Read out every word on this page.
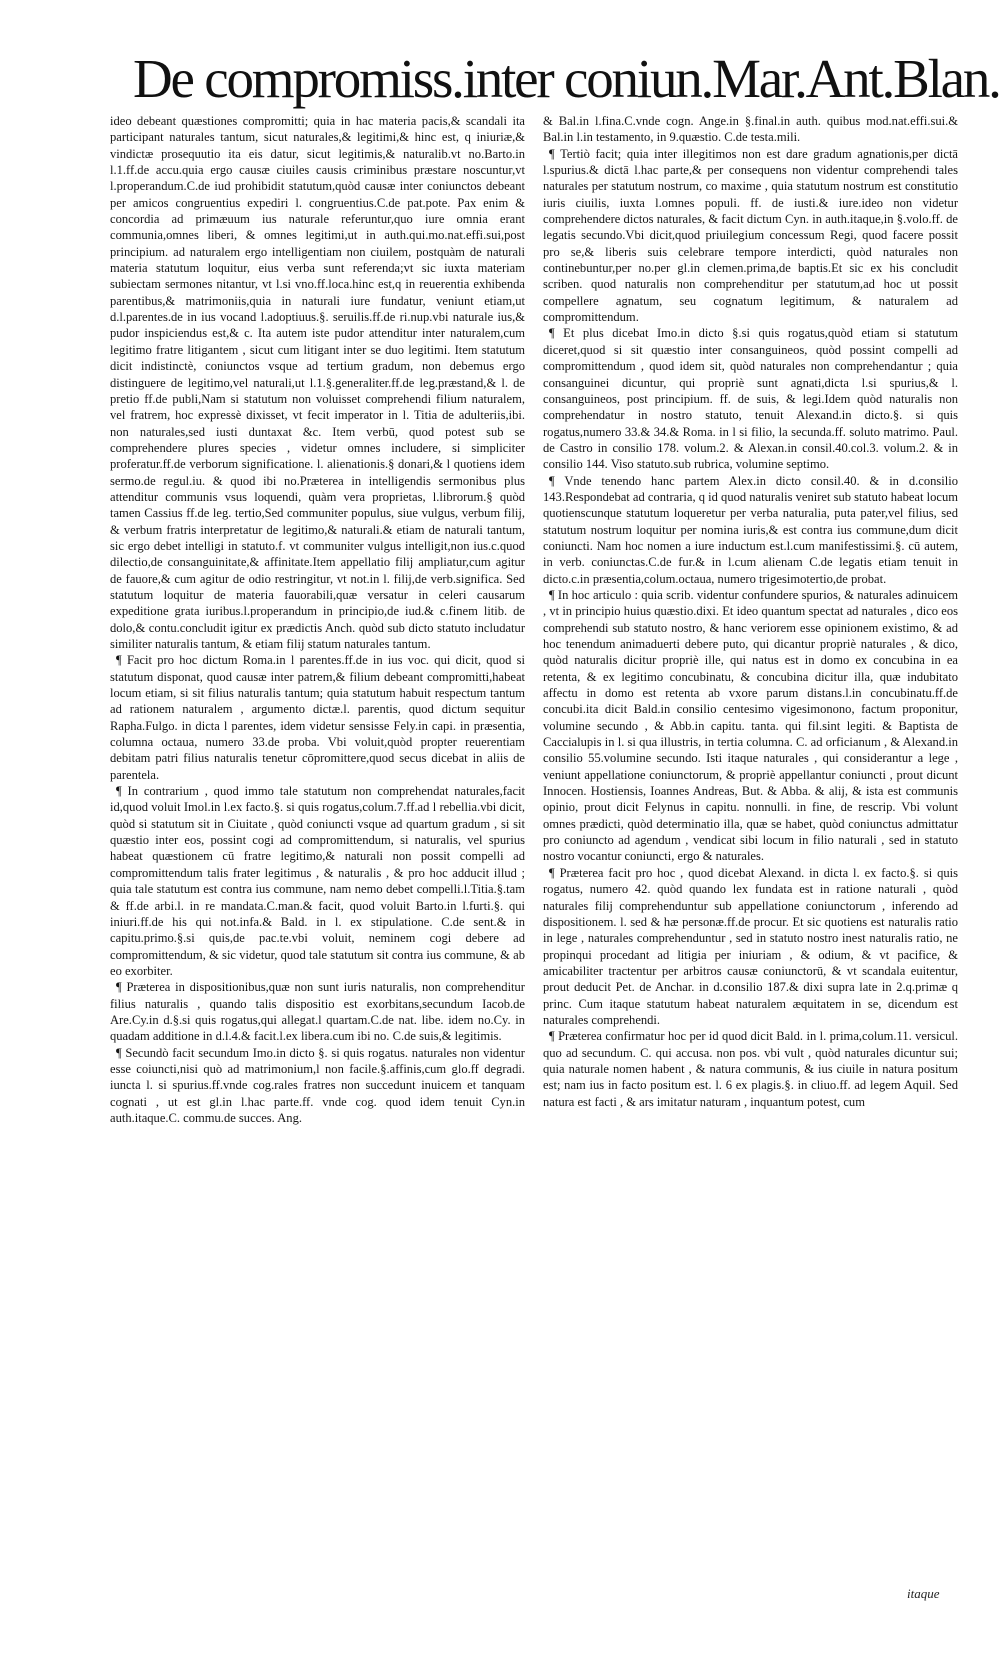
De compromiss.inter coniun.Mar.Ant.Blan.

ideo debeant quæstiones compromitti; quia in hac materia pacis,& scandali ita participant naturales tantum, sicut naturales,& legitimi,& hinc est, q iniuriæ,& vindictæ prosequutio ita eis datur, sicut legitimis,& naturalib.vt no.Barto.in l.1.ff.de accu.quia ergo causæ ciuiles causis criminibus præstare noscuntur,vt l.properandum.C.de iud prohibidit statutum,quòd causæ inter coniunctos debeant per amicos congruentius expediri l. congruentius.C.de pat.pote. Pax enim & concordia ad primæuum ius naturale referuntur,quo iure omnia erant communia,omnes liberi, & omnes legitimi,ut in auth.qui.mo.nat.effi.sui,post principium. ad naturalem ergo intelligentiam non ciuilem, postquàm de naturali materia statutum loquitur, eius verba sunt referenda;vt sic iuxta materiam subiectam sermones nitantur, vt l.si vno.ff.loca.hinc est,q in reuerentia exhibenda parentibus,& matrimoniis,quia in naturali iure fundatur, veniunt etiam,ut d.l.parentes.de in ius vocand l.adoptiuus.§. seruilis.ff.de ri.nup.vbi naturale ius,& pudor inspiciendus est,& c. Ita autem iste pudor attenditur inter naturalem,cum legitimo fratre litigantem , sicut cum litigant inter se duo legitimi. Item statutum dicit indistinctè, coniunctos vsque ad tertium gradum, non debemus ergo distinguere de legitimo,vel naturali,ut l.1.§.generaliter.ff.de leg.præstand,& l. de pretio ff.de publi,Nam si statutum non voluisset comprehendi filium naturalem, vel fratrem, hoc expressè dixisset, vt fecit imperator in l. Titia de adulteriis,ibi. non naturales,sed iusti duntaxat &c. Item verbū, quod potest sub se comprehendere plures species , videtur omnes includere, si simpliciter proferatur.ff.de verborum significatione. l. alienationis.§ donari,& l quotiens idem sermo.de regul.iu. & quod ibi no.Præterea in intelligendis sermonibus plus attenditur communis vsus loquendi, quàm vera proprietas, l.librorum.§ quòd tamen Cassius ff.de leg. tertio,Sed communiter populus, siue vulgus, verbum filij, & verbum fratris interpretatur de legitimo,& naturali.& etiam de naturali tantum, sic ergo debet intelligi in statuto.f. vt communiter vulgus intelligit,non ius.c.quod dilectio,de consanguinitate,& affinitate.Item appellatio filij ampliatur,cum agitur de fauore,& cum agitur de odio restringitur, vt not.in l. filij,de verb.significa. Sed statutum loquitur de materia fauorabili,quæ versatur in celeri causarum expeditione grata iuribus.l.properandum in principio,de iud.& c.finem litib. de dolo,& contu.concludit igitur ex prædictis Anch. quòd sub dicto statuto includatur similiter naturalis tantum, & etiam filij statum naturales tantum.

¶ Facit pro hoc dictum Roma.in l parentes.ff.de in ius voc. qui dicit, quod si statutum disponat, quod causæ inter patrem,& filium debeant compromitti,habeat locum etiam, si sit filius naturalis tantum; quia statutum habuit respectum tantum ad rationem naturalem , argumento dictæ.l. parentis, quod dictum sequitur Rapha.Fulgo. in dicta l parentes, idem videtur sensisse Fely.in capi. in præsentia, columna octaua, numero 33.de proba. Vbi voluit,quòd propter reuerentiam debitam patri filius naturalis tenetur cōpromittere,quod secus dicebat in aliis de parentela.

¶ In contrarium , quod immo tale statutum non comprehendat naturales,facit id,quod voluit Imol.in l.ex facto.§. si quis rogatus,colum.7.ff.ad l rebellia.vbi dicit, quòd si statutum sit in Ciuitate , quòd coniuncti vsque ad quartum gradum , si sit quæstio inter eos, possint cogi ad compromittendum, si naturalis, vel spurius habeat quæstionem cū fratre legitimo,& naturali non possit compelli ad compromittendum talis frater legitimus , & naturalis , & pro hoc adducit illud ; quia tale statutum est contra ius commune, nam nemo debet compelli.l.Titia.§.tam & ff.de arbi.l. in re mandata.C.man.& facit, quod voluit Barto.in l.furti.§. qui iniuri.ff.de his qui not.infa.& Bald. in l. ex stipulatione. C.de sent.& in capitu.primo.§.si quis,de pac.te.vbi voluit, neminem cogi debere ad compromittendum, & sic videtur, quod tale statutum sit contra ius commune, & ab eo exorbiter.

¶ Præterea in dispositionibus,quæ non sunt iuris naturalis, non comprehenditur filius naturalis , quando talis dispositio est exorbitans,secundum Iacob.de Are.Cy.in d.§.si quis rogatus,qui allegat.l quartam.C.de nat. libe. idem no.Cy. in quadam additione in d.l.4.& facit.l.ex libera.cum ibi no. C.de suis,& legitimis.

¶ Secundò facit secundum Imo.in dicto §. si quis rogatus. naturales non videntur esse coiuncti,nisi quò ad matrimonium,l non facile.§.affinis,cum glo.ff degradi. iuncta l. si spurius.ff.vnde cog.rales fratres non succedunt inuicem et tanquam cognati , ut est gl.in l.hac parte.ff. vnde cog. quod idem tenuit Cyn.in auth.itaque.C. commu.de succes. Ang.

& Bal.in l.fina.C.vnde cogn. Ange.in §.final.in auth. quibus mod.nat.effi.sui.& Bal.in l.in testamento, in 9.quæstio. C.de testa.mili.

¶ Tertiò facit; quia inter illegitimos non est dare gradum agnationis,per dictā l.spurius.& dictā l.hac parte,& per consequens non videntur comprehendi tales naturales per statutum nostrum, co maxime , quia statutum nostrum est constitutio iuris ciuilis, iuxta l.omnes populi. ff. de iusti.& iure.ideo non videtur comprehendere dictos naturales, & facit dictum Cyn. in auth.itaque,in §.volo.ff. de legatis secundo.Vbi dicit,quod priuilegium concessum Regi, quod facere possit pro se,& liberis suis celebrare tempore interdicti, quòd naturales non continebuntur,per no.per gl.in clemen.prima,de baptis.Et sic ex his concludit scriben. quod naturalis non comprehenditur per statutum,ad hoc ut possit compellere agnatum, seu cognatum legitimum, & naturalem ad compromittendum.

¶ Et plus dicebat Imo.in dicto §.si quis rogatus,quòd etiam si statutum diceret,quod si sit quæstio inter consanguineos, quòd possint compelli ad compromittendum , quod idem sit, quòd naturales non comprehendantur ; quia consanguinei dicuntur, qui propriè sunt agnati,dicta l.si spurius,& l. consanguineos, post principium. ff. de suis, & legi.Idem quòd naturalis non comprehendatur in nostro statuto, tenuit Alexand.in dicto.§. si quis rogatus,numero 33.& 34.& Roma. in l si filio, la secunda.ff. soluto matrimo. Paul. de Castro in consilio 178. volum.2. & Alexan.in consil.40.col.3. volum.2. & in consilio 144. Viso statuto.sub rubrica, volumine septimo.

¶ Vnde tenendo hanc partem Alex.in dicto consil.40. & in d.consilio 143.Respondebat ad contraria, q id quod naturalis veniret sub statuto habeat locum quotienscunque statutum loqueretur per verba naturalia, puta pater,vel filius, sed statutum nostrum loquitur per nomina iuris,& est contra ius commune,dum dicit coniuncti. Nam hoc nomen a iure inductum est.l.cum manifestissimi.§. cū autem, in verb. coniunctas.C.de fur.& in l.cum alienam C.de legatis etiam tenuit in dicto.c.in præsentia,colum.octaua, numero trigesimotertio,de probat.

¶ In hoc articulo : quia scrib. videntur confundere spurios, & naturales adinuicem , vt in principio huius quæstio.dixi. Et ideo quantum spectat ad naturales , dico eos comprehendi sub statuto nostro, & hanc veriorem esse opinionem existimo, & ad hoc tenendum animaduerti debere puto, qui dicantur propriè naturales , & dico, quòd naturalis dicitur propriè ille, qui natus est in domo ex concubina in ea retenta, & ex legitimo concubinatu, & concubina dicitur illa, quæ indubitato affectu in domo est retenta ab vxore parum distans.l.in concubinatu.ff.de concubi.ita dicit Bald.in consilio centesimo vigesimonono, factum proponitur, volumine secundo , & Abb.in capitu. tanta. qui fil.sint legiti. & Baptista de Caccialupis in l. si qua illustris, in tertia columna. C. ad orficianum , & Alexand.in consilio 55.volumine secundo. Isti itaque naturales , qui considerantur a lege , veniunt appellatione coniunctorum, & propriè appellantur coniuncti , prout dicunt Innocen. Hostiensis, Ioannes Andreas, But. & Abba. & alij, & ista est communis opinio, prout dicit Felynus in capitu. nonnulli. in fine, de rescrip. Vbi volunt omnes prædicti, quòd determinatio illa, quæ se habet, quòd coniunctus admittatur pro coniuncto ad agendum , vendicat sibi locum in filio naturali , sed in statuto nostro vocantur coniuncti, ergo & naturales.

¶ Præterea facit pro hoc , quod dicebat Alexand. in dicta l. ex facto.§. si quis rogatus, numero 42. quòd quando lex fundata est in ratione naturali , quòd naturales filij comprehenduntur sub appellatione coniunctorum , inferendo ad dispositionem. l. sed & hæ personæ.ff.de procur. Et sic quotiens est naturalis ratio in lege , naturales comprehenduntur , sed in statuto nostro inest naturalis ratio, ne propinqui procedant ad litigia per iniuriam , & odium, & vt pacifice, & amicabiliter tractentur per arbitros causæ coniunctorū, & vt scandala euitentur, prout deducit Pet. de Anchar. in d.consilio 187.& dixi supra late in 2.q.primæ q princ. Cum itaque statutum habeat naturalem æquitatem in se, dicendum est naturales comprehendi.

¶ Præterea confirmatur hoc per id quod dicit Bald. in l. prima,colum.11. versicul. quo ad secundum. C. qui accusa. non pos. vbi vult , quòd naturales dicuntur sui; quia naturale nomen habent , & natura communis, & ius ciuile in natura positum est; nam ius in facto positum est. l. 6 ex plagis.§. in cliuo.ff. ad legem Aquil. Sed natura est facti , & ars imitatur naturam , inquantum potest, cum

itaque
